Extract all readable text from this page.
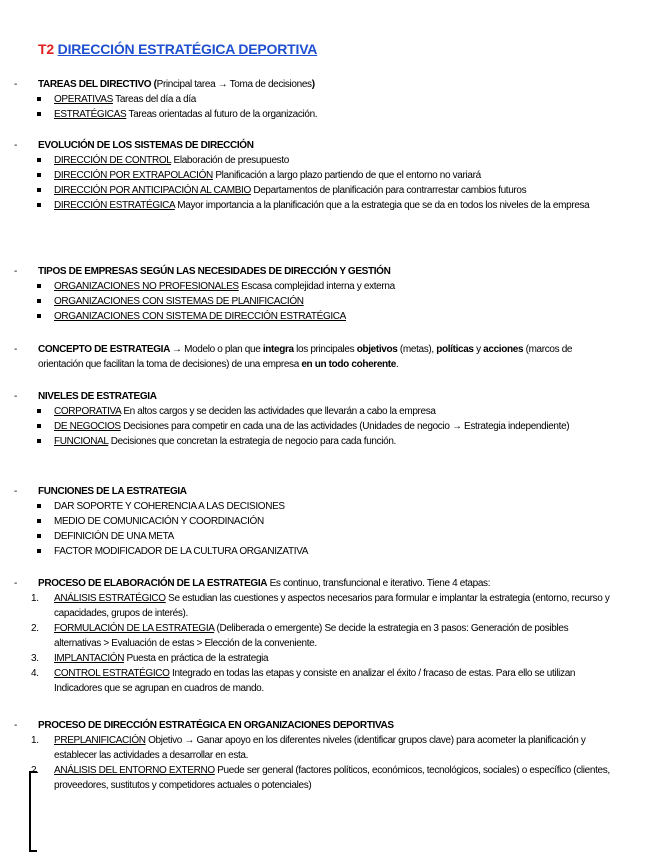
T2 DIRECCIÓN ESTRATÉGICA DEPORTIVA
- TAREAS DEL DIRECTIVO (Principal tarea → Toma de decisiones)
OPERATIVAS Tareas del día a día
ESTRATÉGICAS Tareas orientadas al futuro de la organización.
- EVOLUCIÓN DE LOS SISTEMAS DE DIRECCIÓN
DIRECCIÓN DE CONTROL Elaboración de presupuesto
DIRECCIÓN POR EXTRAPOLACIÓN Planificación a largo plazo partiendo de que el entorno no variará
DIRECCIÓN POR ANTICIPACIÓN AL CAMBIO Departamentos de planificación para contrarrestar cambios futuros
DIRECCIÓN ESTRATÉGICA Mayor importancia a la planificación que a la estrategia que se da en todos los niveles de la empresa
- TIPOS DE EMPRESAS SEGÚN LAS NECESIDADES DE DIRECCIÓN Y GESTIÓN
ORGANIZACIONES NO PROFESIONALES Escasa complejidad interna y externa
ORGANIZACIONES CON SISTEMAS DE PLANIFICACIÓN
ORGANIZACIONES CON SISTEMA DE DIRECCIÓN ESTRATÉGICA
- CONCEPTO DE ESTRATEGIA → Modelo o plan que integra los principales objetivos (metas), políticas y acciones (marcos de orientación que facilitan la toma de decisiones) de una empresa en un todo coherente.
- NIVELES DE ESTRATEGIA
CORPORATIVA En altos cargos y se deciden las actividades que llevarán a cabo la empresa
DE NEGOCIOS Decisiones para competir en cada una de las actividades (Unidades de negocio → Estrategia independiente)
FUNCIONAL Decisiones que concretan la estrategia de negocio para cada función.
- FUNCIONES DE LA ESTRATEGIA
DAR SOPORTE Y COHERENCIA A LAS DECISIONES
MEDIO DE COMUNICACIÓN Y COORDINACIÓN
DEFINICIÓN DE UNA META
FACTOR MODIFICADOR DE LA CULTURA ORGANIZATIVA
- PROCESO DE ELABORACIÓN DE LA ESTRATEGIA Es continuo, transfuncional e iterativo. Tiene 4 etapas:
1. ANÁLISIS ESTRATÉGICO Se estudian las cuestiones y aspectos necesarios para formular e implantar la estrategia (entorno, recurso y capacidades, grupos de interés).
2. FORMULACIÓN DE LA ESTRATEGIA (Deliberada o emergente) Se decide la estrategia en 3 pasos: Generación de posibles alternativas > Evaluación de estas > Elección de la conveniente.
3. IMPLANTACIÓN Puesta en práctica de la estrategia
4. CONTROL ESTRATÉGICO Integrado en todas las etapas y consiste en analizar el éxito / fracaso de estas. Para ello se utilizan Indicadores que se agrupan en cuadros de mando.
- PROCESO DE DIRECCIÓN ESTRATÉGICA EN ORGANIZACIONES DEPORTIVAS
1. PREPLANIFICACIÓN Objetivo → Ganar apoyo en los diferentes niveles (identificar grupos clave) para acometer la planificación y establecer las actividades a desarrollar en esta.
2. ANÁLISIS DEL ENTORNO EXTERNO Puede ser general (factores políticos, económicos, tecnológicos, sociales) o específico (clientes, proveedores, sustitutos y competidores actuales o potenciales)
